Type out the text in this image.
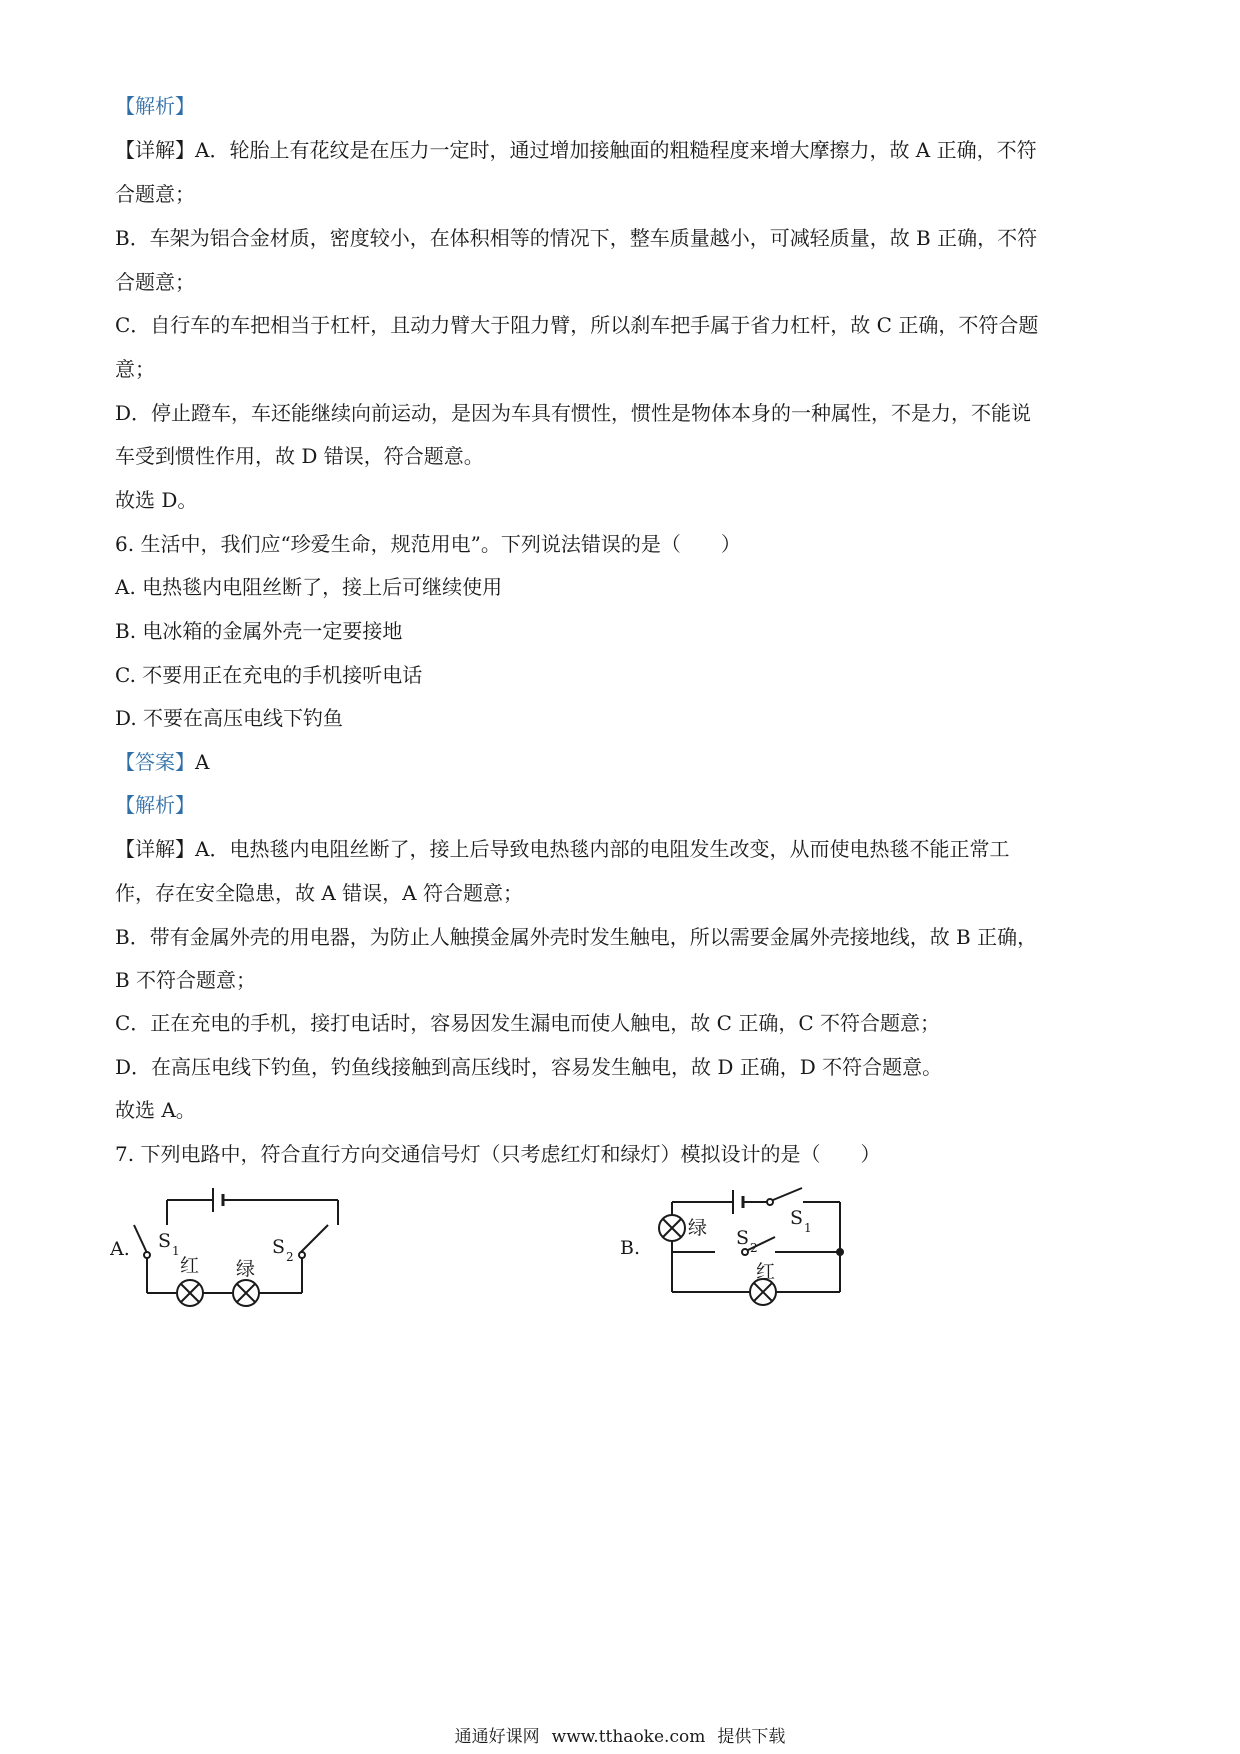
【解析】
【详解】A．轮胎上有花纹是在压力一定时，通过增加接触面的粗糙程度来增大摩擦力，故 A 正确，不符
合题意；
B．车架为铝合金材质，密度较小，在体积相等的情况下，整车质量越小，可减轻质量，故 B 正确，不符
合题意；
C．自行车的车把相当于杠杆，且动力臂大于阻力臂，所以刹车把手属于省力杠杆，故 C 正确，不符合题
意；
D．停止蹬车，车还能继续向前运动，是因为车具有惯性，惯性是物体本身的一种属性，不是力，不能说
车受到惯性作用，故 D 错误，符合题意。
故选 D。
6. 生活中，我们应“珍爱生命，规范用电”。下列说法错误的是（　　）
A. 电热毯内电阻丝断了，接上后可继续使用
B. 电冰箱的金属外壳一定要接地
C. 不要用正在充电的手机接听电话
D. 不要在高压电线下钓鱼
【答案】A
【解析】
【详解】A．电热毯内电阻丝断了，接上后导致电热毯内部的电阻发生改变，从而使电热毯不能正常工
作，存在安全隐患，故 A 错误，A 符合题意；
B．带有金属外壳的用电器，为防止人触摸金属外壳时发生触电，所以需要金属外壳接地线，故 B 正确，
B 不符合题意；
C．正在充电的手机，接打电话时，容易因发生漏电而使人触电，故 C 正确，C 不符合题意；
D．在高压电线下钓鱼，钓鱼线接触到高压线时，容易发生触电，故 D 正确，D 不符合题意。
故选 A。
7. 下列电路中，符合直行方向交通信号灯（只考虑红灯和绿灯）模拟设计的是（　　）
A. S 1	S 2
红 绿
B.
绿	S 1
S 2
红
通通好课网 www.tthaoke.com 提供下载
